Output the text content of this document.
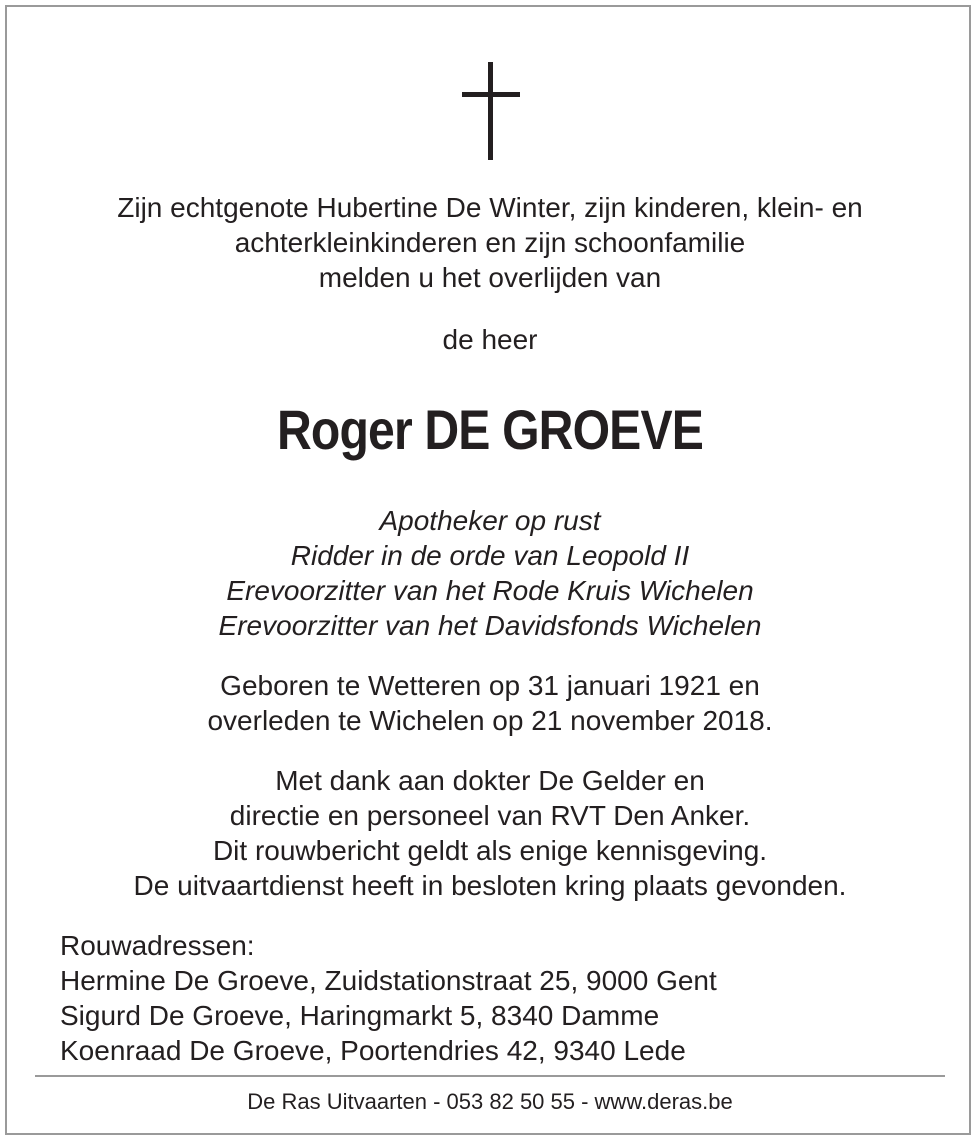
Zijn echtgenote Hubertine De Winter, zijn kinderen, klein- en
achterkleinkinderen en zijn schoonfamilie
melden u het overlijden van
de heer
Roger DE GROEVE
Apotheker op rust
Ridder in de orde van Leopold II
Erevoorzitter van het Rode Kruis Wichelen
Erevoorzitter van het Davidsfonds Wichelen
Geboren te Wetteren op 31 januari 1921 en
overleden te Wichelen op 21 november 2018.
Met dank aan dokter De Gelder en
directie en personeel van RVT Den Anker.
Dit rouwbericht geldt als enige kennisgeving.
De uitvaartdienst heeft in besloten kring plaats gevonden.
Rouwadressen:
Hermine De Groeve, Zuidstationstraat 25, 9000 Gent
Sigurd De Groeve, Haringmarkt 5, 8340 Damme
Koenraad De Groeve, Poortendries 42, 9340 Lede
De Ras Uitvaarten - 053 82 50 55 - www.deras.be
